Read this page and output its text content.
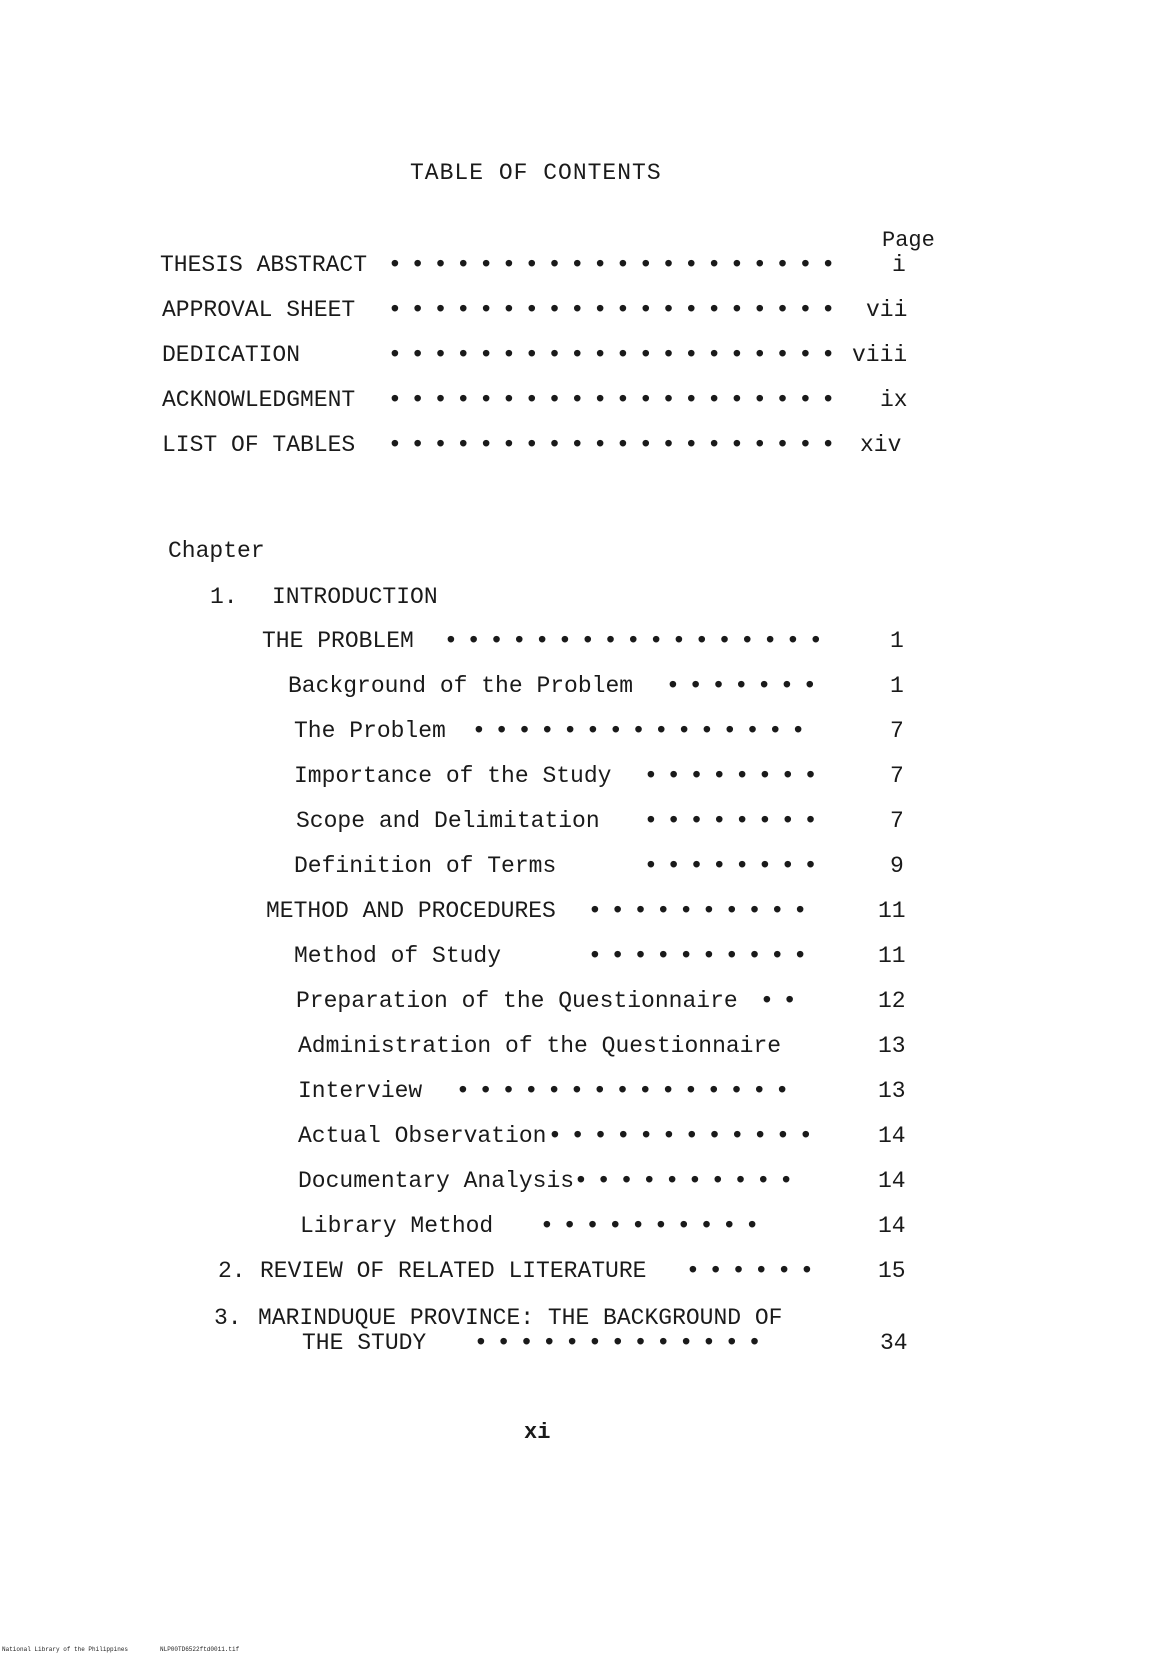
TABLE OF CONTENTS
Page
THESIS ABSTRACT •••••••••••••••••••• i
APPROVAL SHEET •••••••••••••••••••• vii
DEDICATION	•••••••••••••••••••• viii
ACKNOWLEDGMENT •••••••••••••••••••• ix
LIST OF TABLES •••••••••••••••••••• xiv
Chapter
1. INTRODUCTION
THE PROBLEM •••••••••••••••••	1
Background of the Problem •••••••	1
The Problem •••••••••••••••	7
Importance of the Study ••••••••	7
Scope and Delimitation ••••••••	7
Definition of Terms	••••••••	9
METHOD AND PROCEDURES ••••••••••	11
Method of Study	••••••••••	11
Preparation of the Questionnaire ••	12
Administration of the Questionnaire	13
Interview •••••••••••••••	13
Actual Observation •••••••••••• 14
Documentary Analysis ••••••••••	14
Library Method ••••••••••	14
2. REVIEW OF RELATED LITERATURE •••••• 15
3. MARINDUQUE PROVINCE: THE BACKGROUND OF
THE STUDY •••••••••••••	34
xi
National Library of the Philippines	NLP00TD6522ftd0011.tif
